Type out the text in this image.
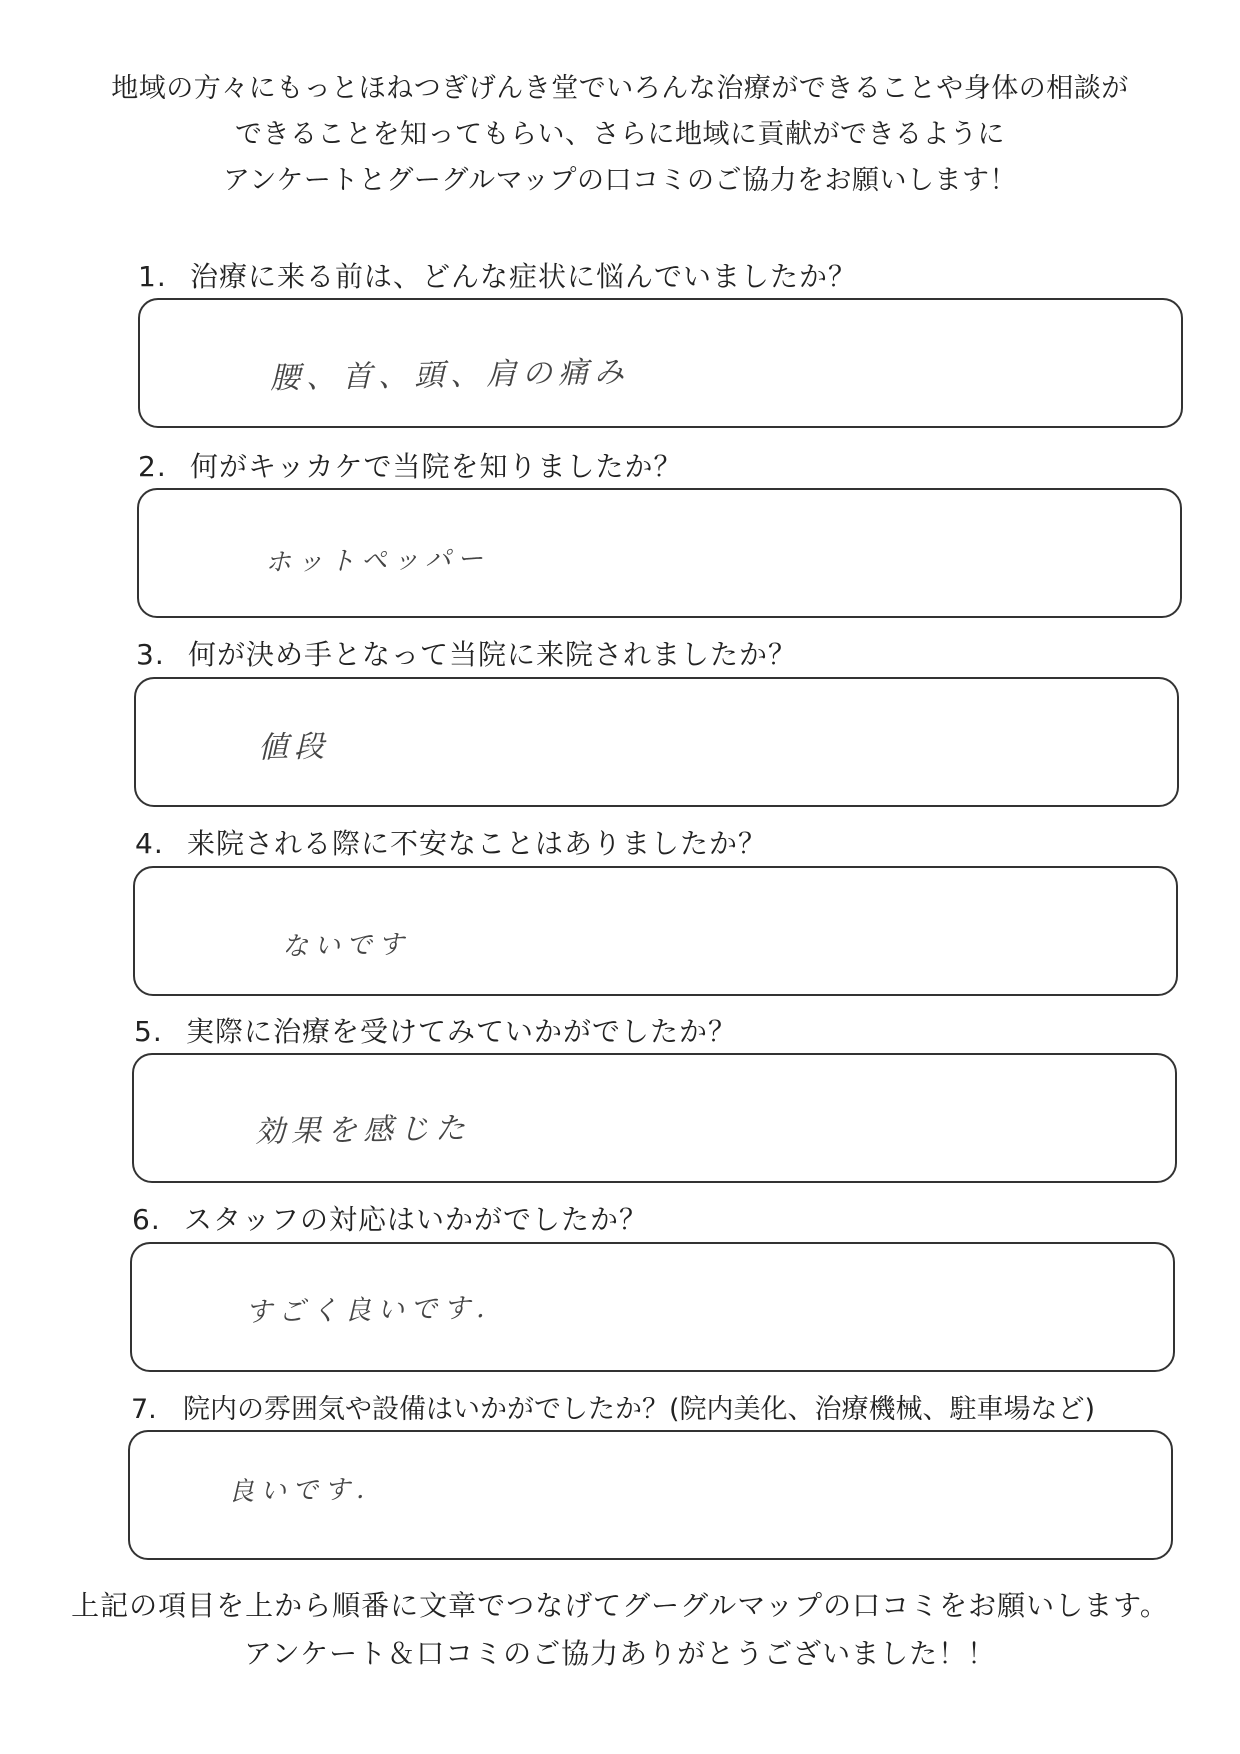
地域の方々にもっとほねつぎげんき堂でいろんな治療ができることや身体の相談が
できることを知ってもらい、さらに地域に貢献ができるように
アンケートとグーグルマップの口コミのご協力をお願いします！
1. 治療に来る前は、どんな症状に悩んでいましたか？
腰、首、頭、肩の痛み
2. 何がキッカケで当院を知りましたか？
ホットペッパー
3. 何が決め手となって当院に来院されましたか？
値段
4. 来院される際に不安なことはありましたか？
ないです
5. 実際に治療を受けてみていかがでしたか？
効果を感じた
6. スタッフの対応はいかがでしたか？
すごく良いです.
7. 院内の雰囲気や設備はいかがでしたか？(院内美化、治療機械、駐車場など)
良いです.
上記の項目を上から順番に文章でつなげてグーグルマップの口コミをお願いします。
アンケート＆口コミのご協力ありがとうございました！！
